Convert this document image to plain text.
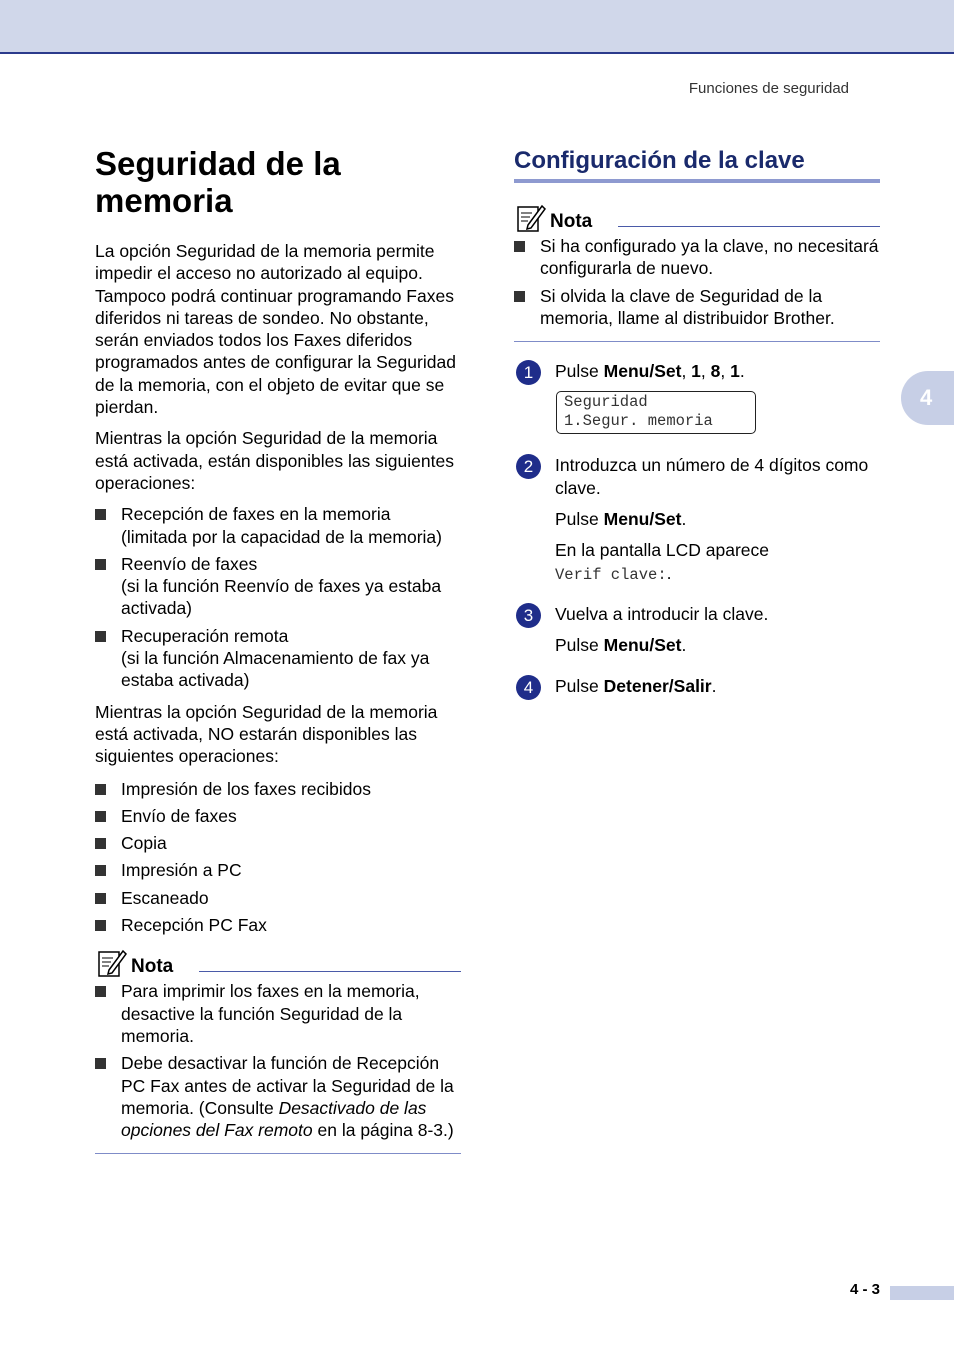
Funciones de seguridad
4
Seguridad de la
memoria

La opción Seguridad de la memoria permite impedir el acceso no autorizado al equipo. Tampoco podrá continuar programando Faxes diferidos ni tareas de sondeo. No obstante, serán enviados todos los Faxes diferidos programados antes de configurar la Seguridad de la memoria, con el objeto de evitar que se pierdan.

Mientras la opción Seguridad de la memoria está activada, están disponibles las siguientes operaciones:

Recepción de faxes en la memoria
(limitada por la capacidad de la memoria)
Reenvío de faxes
(si la función Reenvío de faxes ya estaba activada)
Recuperación remota
(si la función Almacenamiento de fax ya estaba activada)

Mientras la opción Seguridad de la memoria está activada, NO estarán disponibles las siguientes operaciones:

Impresión de los faxes recibidos
Envío de faxes
Copia
Impresión a PC
Escaneado
Recepción PC Fax
Nota
Para imprimir los faxes en la memoria, desactive la función Seguridad de la memoria.
Debe desactivar la función de Recepción PC Fax antes de activar la Seguridad de la memoria. (Consulte Desactivado de las opciones del Fax remoto en la página 8-3.)
Configuración de la clave
Nota
Si ha configurado ya la clave, no necesitará configurarla de nuevo.
Si olvida la clave de Seguridad de la memoria, llame al distribuidor Brother.
1	Pulse Menu/Set, 1, 8, 1.
Seguridad
1.Segur. memoria
2	Introduzca un número de 4 dígitos como clave.
Pulse Menu/Set.
En la pantalla LCD aparece
Verif clave:.
3	Vuelva a introducir la clave.
Pulse Menu/Set.
4	Pulse Detener/Salir.
4 - 3
